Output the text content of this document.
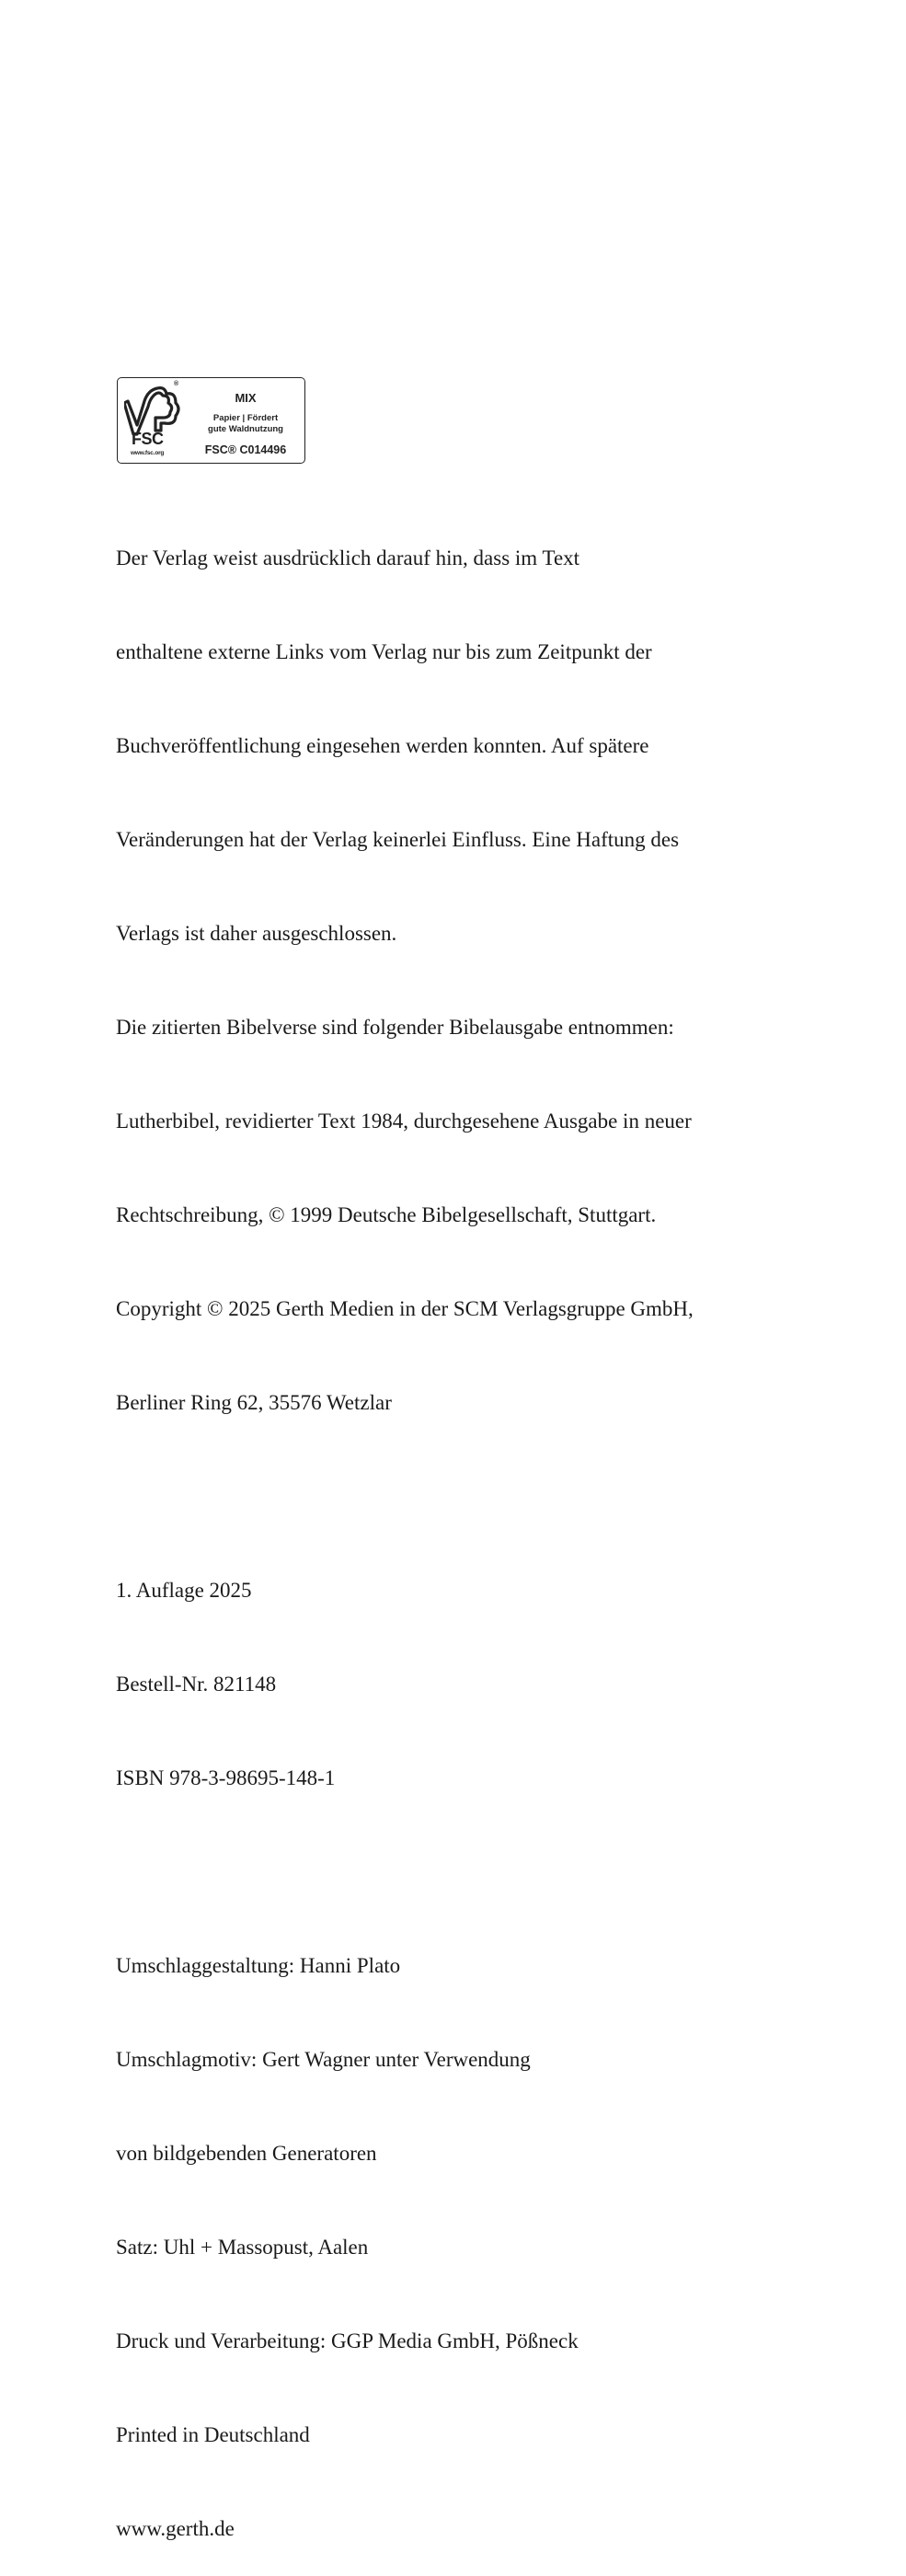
®
FSC
www.fsc.org
MIX
Papier | Fördert
gute Waldnutzung
FSC® C014496

Der Verlag weist ausdrücklich darauf hin, dass im Text

enthaltene externe Links vom Verlag nur bis zum Zeitpunkt der

Buchveröffentlichung eingesehen werden konnten. Auf spätere

Veränderungen hat der Verlag keinerlei Einfluss. Eine Haftung des

Verlags ist daher ausgeschlossen.

Die zitierten Bibelverse sind folgender Bibelausgabe entnommen:

Lutherbibel, revidierter Text 1984, durchgesehene Ausgabe in neuer

Rechtschreibung, © 1999 Deutsche Bibelgesellschaft, Stuttgart.

Copyright © 2025 Gerth Medien in der SCM Verlagsgruppe GmbH,

Berliner Ring 62, 35576 Wetzlar

1. Auflage 2025

Bestell-Nr. 821148

ISBN 978-3-98695-148-1

Umschlaggestaltung: Hanni Plato

Umschlagmotiv: Gert Wagner unter Verwendung

von bildgebenden Generatoren

Satz: Uhl + Massopust, Aalen

Druck und Verarbeitung: GGP Media GmbH, Pößneck

Printed in Deutschland

www.gerth.de
